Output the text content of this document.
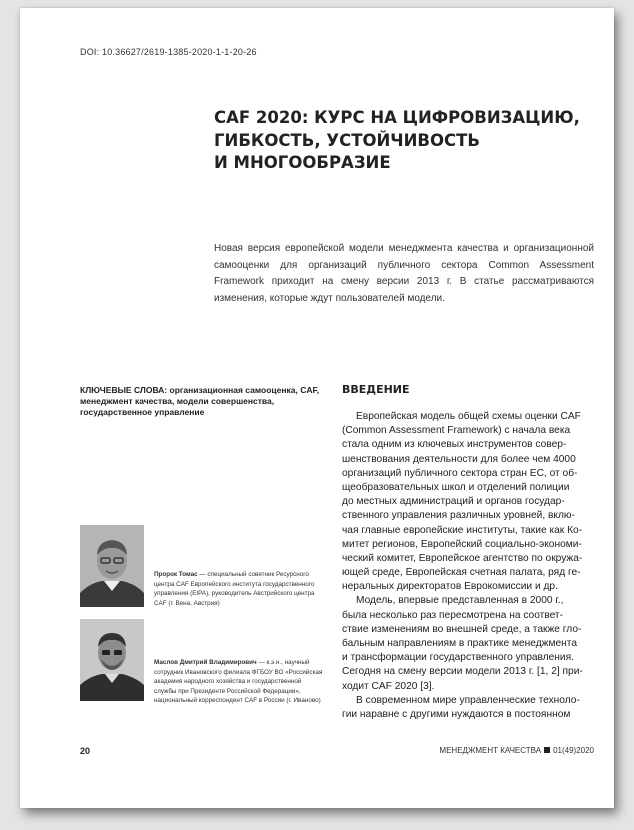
DOI: 10.36627/2619-1385-2020-1-1-20-26
CAF 2020: КУРС НА ЦИФРОВИЗАЦИЮ,
ГИБКОСТЬ, УСТОЙЧИВОСТЬ
И МНОГООБРАЗИЕ

Новая версия европейской модели менеджмента качества и организационной самооценки для организаций публичного сектора Common Assessment Framework приходит на смену версии 2013 г. В статье рассматриваются изменения, которые ждут пользователей модели.

КЛЮЧЕВЫЕ СЛОВА: организационная самооценка, CAF, менеджмент качества, модели совершенства, государственное управление
Пророк Томас — специальный советник Ресурсного центра CAF Европейского института государственного управления (EIPA), руководитель Австрийского центра CAF (г. Вена, Австрия)
Маслов Дмитрий Владимирович — к.э.н., научный сотрудник Ивановского филиала ФГБОУ ВО «Российская академия народного хозяйства и государственной службы при Президенте Российской Федерации», национальный корреспондент CAF в России (г. Иваново)
ВВЕДЕНИЕ
Европейская модель общей схемы оценки CAF
(Common Assessment Framework) с начала века
стала одним из ключевых инструментов совер-
шенствования деятельности для более чем 4000
организаций публичного сектора стран ЕС, от об-
щеобразовательных школ и отделений полиции
до местных администраций и органов государ-
ственного управления различных уровней, вклю-
чая главные европейские институты, такие как Ко-
митет регионов, Европейский социально-экономи-
ческий комитет, Европейское агентство по окружа-
ющей среде, Европейская счетная палата, ряд ге-
неральных директоратов Еврокомиссии и др.
Модель, впервые представленная в 2000 г.,
была несколько раз пересмотрена на соответ-
ствие изменениям во внешней среде, а также гло-
бальным направлениям в практике менеджмента
и трансформации государственного управления.
Сегодня на смену версии модели 2013 г. [1, 2] при-
ходит CAF 2020 [3].
В современном мире управленческие техноло-
гии наравне с другими нуждаются в постоянном
20	МЕНЕДЖМЕНТ КАЧЕСТВА 01(49)2020
